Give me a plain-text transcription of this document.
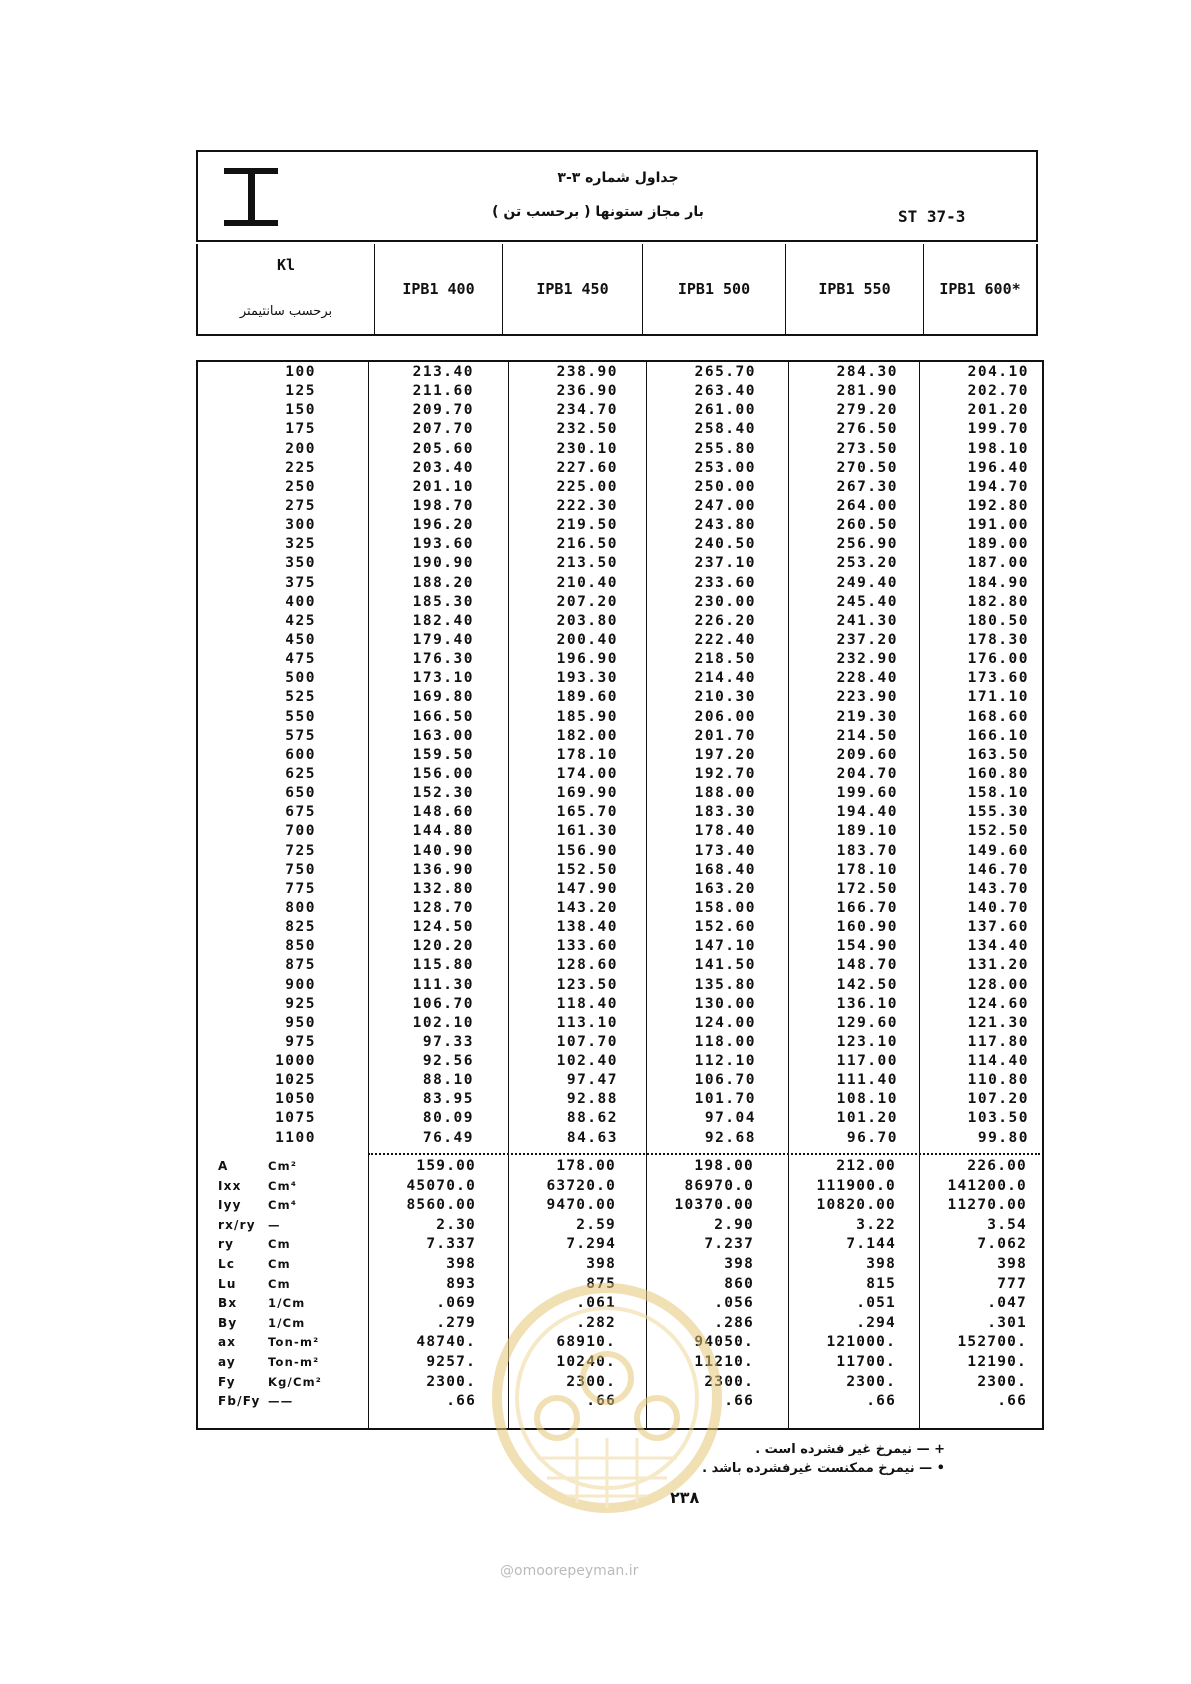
جداول شماره ٣-٣
بار مجاز ستونها ( برحسب تن )	ST 37-3
Kl
برحسب سانتیمتر
IPB1 400	IPB1 450	IPB1 500	IPB1 550	IPB1 600*
100	213.40	238.90	265.70	284.30	204.10
125	211.60	236.90	263.40	281.90	202.70
150	209.70	234.70	261.00	279.20	201.20
175	207.70	232.50	258.40	276.50	199.70
200	205.60	230.10	255.80	273.50	198.10
225	203.40	227.60	253.00	270.50	196.40
250	201.10	225.00	250.00	267.30	194.70
275	198.70	222.30	247.00	264.00	192.80
300	196.20	219.50	243.80	260.50	191.00
325	193.60	216.50	240.50	256.90	189.00
350	190.90	213.50	237.10	253.20	187.00
375	188.20	210.40	233.60	249.40	184.90
400	185.30	207.20	230.00	245.40	182.80
425	182.40	203.80	226.20	241.30	180.50
450	179.40	200.40	222.40	237.20	178.30
475	176.30	196.90	218.50	232.90	176.00
500	173.10	193.30	214.40	228.40	173.60
525	169.80	189.60	210.30	223.90	171.10
550	166.50	185.90	206.00	219.30	168.60
575	163.00	182.00	201.70	214.50	166.10
600	159.50	178.10	197.20	209.60	163.50
625	156.00	174.00	192.70	204.70	160.80
650	152.30	169.90	188.00	199.60	158.10
675	148.60	165.70	183.30	194.40	155.30
700	144.80	161.30	178.40	189.10	152.50
725	140.90	156.90	173.40	183.70	149.60
750	136.90	152.50	168.40	178.10	146.70
775	132.80	147.90	163.20	172.50	143.70
800	128.70	143.20	158.00	166.70	140.70
825	124.50	138.40	152.60	160.90	137.60
850	120.20	133.60	147.10	154.90	134.40
875	115.80	128.60	141.50	148.70	131.20
900	111.30	123.50	135.80	142.50	128.00
925	106.70	118.40	130.00	136.10	124.60
950	102.10	113.10	124.00	129.60	121.30
975	97.33	107.70	118.00	123.10	117.80
1000	92.56	102.40	112.10	117.00	114.40
1025	88.10	97.47	106.70	111.40	110.80
1050	83.95	92.88	101.70	108.10	107.20
1075	80.09	88.62	97.04	101.20	103.50
1100	76.49	84.63	92.68	96.70	99.80
A	Cm²	159.00	178.00	198.00	212.00	226.00
Ixx	Cm⁴	45070.0	63720.0	86970.0	111900.0	141200.0
Iyy	Cm⁴	8560.00	9470.00	10370.00	10820.00	11270.00
rx/ry	—	2.30	2.59	2.90	3.22	3.54
ry	Cm	7.337	7.294	7.237	7.144	7.062
Lc	Cm	398	398	398	398	398
Lu	Cm	893	875	860	815	777
Bx	1/Cm	.069	.061	.056	.051	.047
By	1/Cm	.279	.282	.286	.294	.301
ax	Ton-m²	48740.	68910.	94050.	121000.	152700.
ay	Ton-m²	9257.	10240.	11210.	11700.	12190.
Fy	Kg/Cm²	2300.	2300.	2300.	2300.	2300.
Fb/Fy ——	.66	.66	.66	.66	.66
+ — نیمرخ غیر فشرده است .
• — نیمرخ ممکنست غیرفشرده باشد .
٢٣٨
@omoorepeyman.ir
